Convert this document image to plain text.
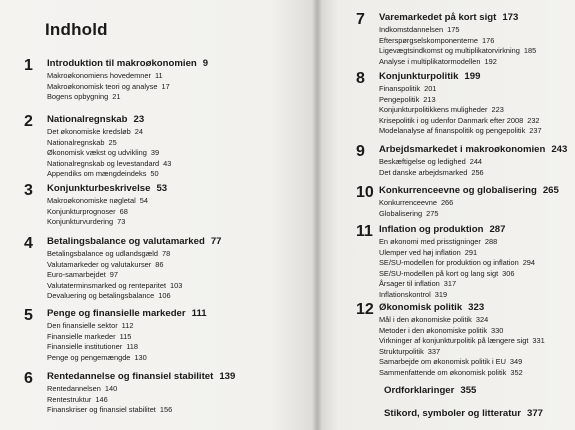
Indhold
1	Introduktion til makroøkonomien 9
Makroøkonomiens hovedemner 11
Makroøkonomisk teori og analyse 17
Bogens opbygning 21
2	Nationalregnskab 23
Det økonomiske kredsløb 24
Nationalregnskab 25
Økonomisk vækst og udvikling 39
Nationalregnskab og levestandard 43
Appendiks om mængdeindeks 50
3	Konjunkturbeskrivelse 53
Makroøkonomiske nøgletal 54
Konjunkturprognoser 68
Konjunkturvurdering 73
4	Betalingsbalance og valutamarked 77
Betalingsbalance og udlandsgæld 78
Valutamarkeder og valutakurser 86
Euro-samarbejdet 97
Valutaterminsmarked og renteparitet 103
Devaluering og betalingsbalance 106
5	Penge og finansielle markeder 111
Den finansielle sektor 112
Finansielle markeder 115
Finansielle institutioner 118
Penge og pengemængde 130
6	Rentedannelse og finansiel stabilitet 139
Rentedannelsen 140
Rentestruktur 146
Finanskriser og finansiel stabilitet 156
7	Varemarkedet på kort sigt 173
Indkomstdannelsen 175
Efterspørgselskomponenterne 176
Ligevægtsindkomst og multiplikatorvirkning 185
Analyse i multiplikatormodellen 192
8	Konjunkturpolitik 199
Finanspolitik 201
Pengepolitik 213
Konjunkturpolitikkens muligheder 223
Krisepolitik i og udenfor Danmark efter 2008 232
Modelanalyse af finanspolitik og pengepolitik 237
9	Arbejdsmarkedet i makroøkonomien 243
Beskæftigelse og ledighed 244
Det danske arbejdsmarked 256
10 Konkurrenceevne og globalisering 265
Konkurrenceevne 266
Globalisering 275
11 Inflation og produktion 287
En økonomi med prisstigninger 288
Ulemper ved høj inflation 291
SE/SU-modellen for produktion og inflation 294
SE/SU-modellen på kort og lang sigt 306
Årsager til inflation 317
Inflationskontrol 319
12 Økonomisk politik 323
Mål i den økonomiske politik 324
Metoder i den økonomiske politik 330
Virkninger af konjunkturpolitik på længere sigt 331
Strukturpolitik 337
Samarbejde om økonomisk politik i EU 349
Sammenfattende om økonomisk politik 352
Ordforklaringer 355
Stikord, symboler og litteratur 377
